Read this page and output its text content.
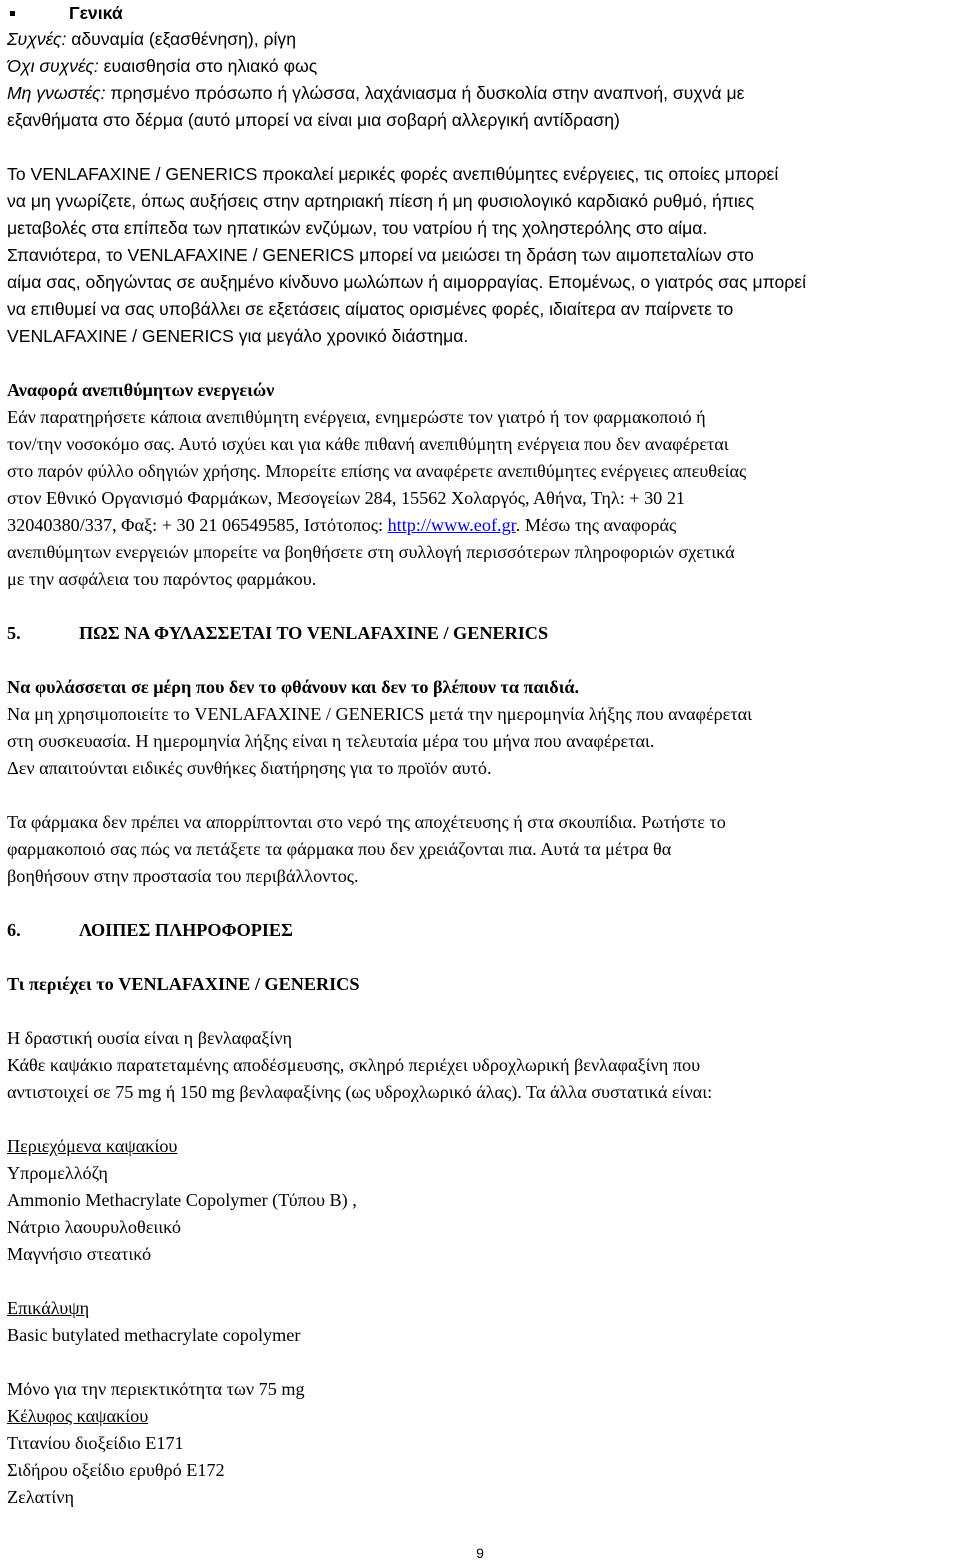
Γενικά
Συχνές: αδυναμία (εξασθένηση), ρίγη
Όχι συχνές: ευαισθησία στο ηλιακό φως
Μη γνωστές: πρησμένο πρόσωπο ή γλώσσα, λαχάνιασμα ή δυσκολία στην αναπνοή, συχνά με
εξανθήματα στο δέρμα (αυτό μπορεί να είναι μια σοβαρή αλλεργική αντίδραση)
Το VENLAFAXINE / GENERICS προκαλεί μερικές φορές ανεπιθύμητες ενέργειες, τις οποίες μπορεί
να μη γνωρίζετε, όπως αυξήσεις στην αρτηριακή πίεση ή μη φυσιολογικό καρδιακό ρυθμό, ήπιες
μεταβολές στα επίπεδα των ηπατικών ενζύμων, του νατρίου ή της χοληστερόλης στο αίμα.
Σπανιότερα, το VENLAFAXINE / GENERICS μπορεί να μειώσει τη δράση των αιμοπεταλίων στο
αίμα σας, οδηγώντας σε αυξημένο κίνδυνο μωλώπων ή αιμορραγίας. Επομένως, ο γιατρός σας μπορεί
να επιθυμεί να σας υποβάλλει σε εξετάσεις αίματος ορισμένες φορές, ιδιαίτερα αν παίρνετε το
VENLAFAXINE / GENERICS για μεγάλο χρονικό διάστημα.
Αναφορά ανεπιθύμητων ενεργειών
Εάν παρατηρήσετε κάποια ανεπιθύμητη ενέργεια, ενημερώστε τον γιατρό ή τον φαρμακοποιό ή
τον/την νοσοκόμο σας. Αυτό ισχύει και για κάθε πιθανή ανεπιθύμητη ενέργεια που δεν αναφέρεται
στο παρόν φύλλο οδηγιών χρήσης. Μπορείτε επίσης να αναφέρετε ανεπιθύμητες ενέργειες απευθείας
στον Εθνικό Οργανισμό Φαρμάκων, Μεσογείων 284, 15562 Χολαργός, Αθήνα, Τηλ: + 30 21
32040380/337, Φαξ: + 30 21 06549585, Ιστότοπος: http://www.eof.gr. Μέσω της αναφοράς
ανεπιθύμητων ενεργειών μπορείτε να βοηθήσετε στη συλλογή περισσότερων πληροφοριών σχετικά
με την ασφάλεια του παρόντος φαρμάκου.
5.	ΠΩΣ ΝΑ ΦΥΛΑΣΣΕΤΑΙ ΤΟ VENLAFAXINE / GENERICS
Να φυλάσσεται σε μέρη που δεν το φθάνουν και δεν το βλέπουν τα παιδιά.
Να μη χρησιμοποιείτε το VENLAFAXINE / GENERICS μετά την ημερομηνία λήξης που αναφέρεται
στη συσκευασία. Η ημερομηνία λήξης είναι η τελευταία μέρα του μήνα που αναφέρεται.
Δεν απαιτούνται ειδικές συνθήκες διατήρησης για το προϊόν αυτό.
Τα φάρμακα δεν πρέπει να απορρίπτονται στο νερό της αποχέτευσης ή στα σκουπίδια. Ρωτήστε το
φαρμακοποιό σας πώς να πετάξετε τα φάρμακα που δεν χρειάζονται πια. Αυτά τα μέτρα θα
βοηθήσουν στην προστασία του περιβάλλοντος.
6.	ΛΟΙΠΕΣ ΠΛΗΡΟΦΟΡΙΕΣ
Τι περιέχει το VENLAFAXINE / GENERICS
Η δραστική ουσία είναι η βενλαφαξίνη
Κάθε καψάκιο παρατεταμένης αποδέσμευσης, σκληρό περιέχει υδροχλωρική βενλαφαξίνη που
αντιστοιχεί σε 75 mg ή 150 mg βενλαφαξίνης (ως υδροχλωρικό άλας). Τα άλλα συστατικά είναι:
Περιεχόμενα καψακίου
Υπρομελλόζη
Ammonio Methacrylate Copolymer (Τύπου Β) ,
Νάτριο λαουρυλοθειικό
Μαγνήσιο στεατικό
Επικάλυψη
Basic butylated methacrylate copolymer
Μόνο για την περιεκτικότητα των 75 mg
Κέλυφος καψακίου
Τιτανίου διοξείδιο Ε171
Σιδήρου οξείδιο ερυθρό Ε172
Ζελατίνη
9
